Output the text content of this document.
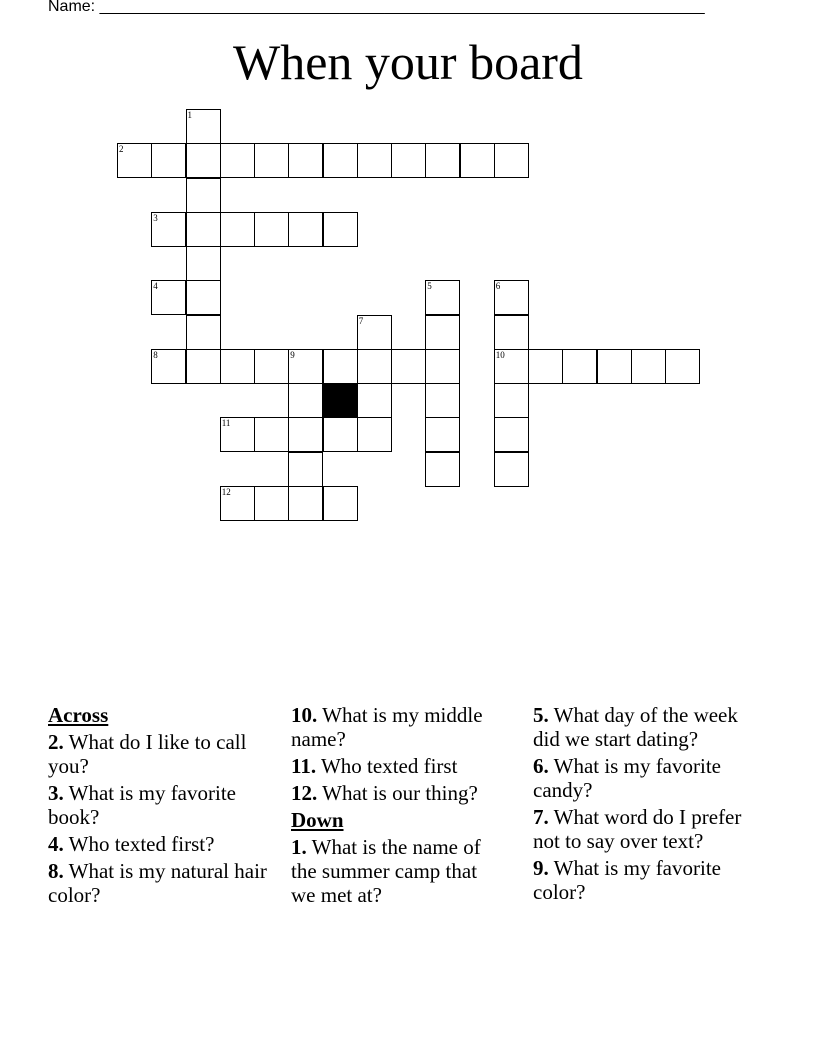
Name: ____________________________________________________________________
When your board
1
2
3
4	5	6
10
7
8	9
11
12
Across
2. What do I like to call you?
3. What is my favorite book?
4. Who texted first?
8. What is my natural hair color?
10. What is my middle name?
11. Who texted first
12. What is our thing?
Down
1. What is the name of the summer camp that we met at?
5. What day of the week did we start dating?
6. What is my favorite candy?
7. What word do I prefer not to say over text?
9. What is my favorite color?
